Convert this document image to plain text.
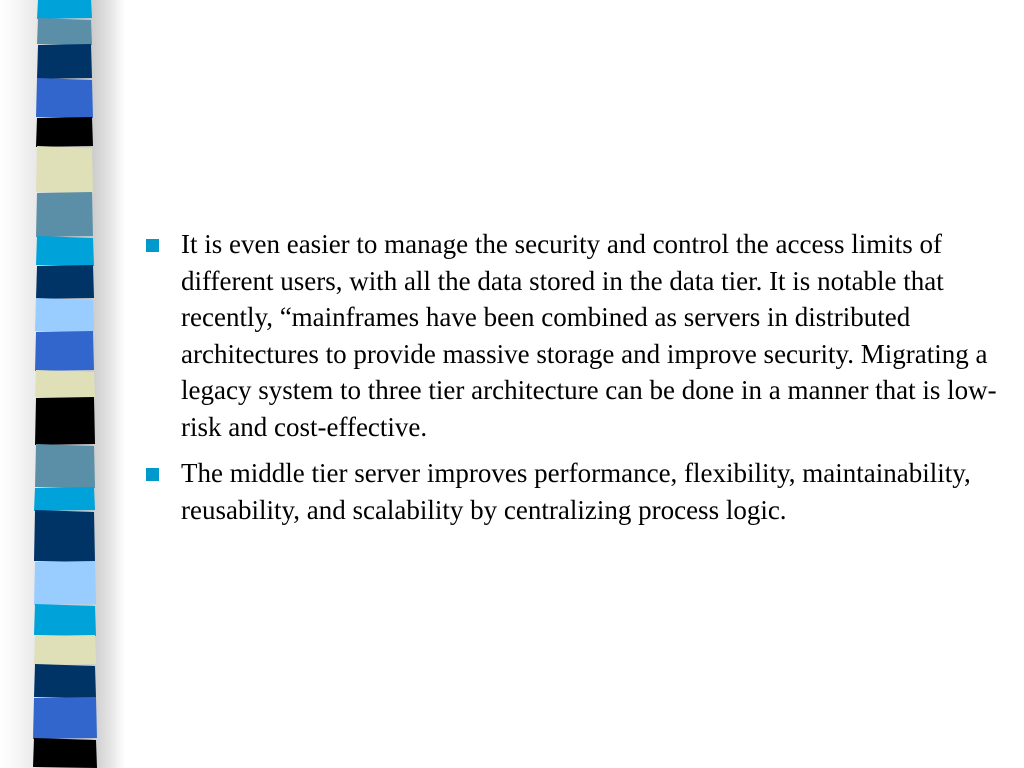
It is even easier to manage the security and control the access limits of different users, with all the data stored in the data tier. It is notable that recently, “mainframes have been combined as servers in distributed architectures to provide massive storage and improve security. Migrating a legacy system to three tier architecture can be done in a manner that is low-risk and cost-effective.
The middle tier server improves performance, flexibility, maintainability, reusability, and scalability by centralizing process logic.
